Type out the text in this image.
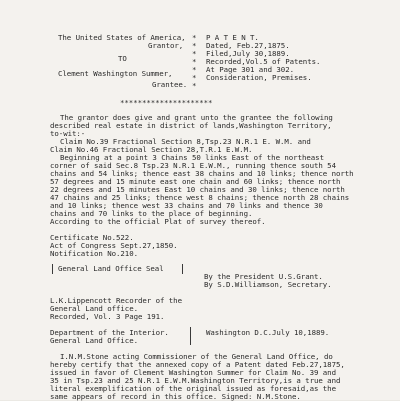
The United States of America,
Grantor,
TO
Clement Washington Summer,
Grantee.
*
*
*
*
*
*
*
P A T E N T.
Dated, Feb.27,1875.
Filed,July 30,1889.
Recorded,Vol.5 of Patents.
At Page 301 and 302.
Consideration, Premises.
*********************
The grantor does give and grant unto the grantee the following
described real estate in district of lands,Washington Territory,
to-wit:-
Claim No.39 Fractional Section 8,Tsp.23 N.R.1 E. W.M. and
Claim No.46 Fractional Section 28,T.R.1 E.W.M.
Beginning at a point 3 Chains 50 links East of the northeast
corner of said Sec.8 Tsp.23 N.R.1 E.W.M., running thence south 54
chains and 54 links; thence east 38 chains and 10 links; thence north
57 degrees and 15 minute east one chain and 60 links; thence north
22 degrees and 15 minutes East 10 chains and 30 links; thence north
47 chains and 25 links; thence west 8 chains; thence north 28 chains
and 10 links; thence west 33 chains and 70 links and thence 30
chains and 70 links to the place of beginning.
According to the official Plat of survey thereof.
Certificate No.522.
Act of Congress Sept.27,1850.
Notification No.210.
General Land Office Seal
By the President U.S.Grant.
By S.D.Williamson, Secretary.
L.K.Lippencott Recorder of the
General Land office.
Recorded, Vol. 3 Page 191.
Department of the Interior.
General Land Office.
Washington D.C.July 10,1889.
I.N.M.Stone acting Commissioner of the General Land Office, do
hereby certify that the annexed copy of a Patent dated Feb.27,1875,
issued in favor of Clement Washington Summer for Claim No. 39 and
35 in Tsp.23 and 25 N.R.1 E.W.M.Washington Territory,is a true and
literal exemplification of the original issued as foresaid,as the
same appears of record in this office. Signed: N.M.Stone.
